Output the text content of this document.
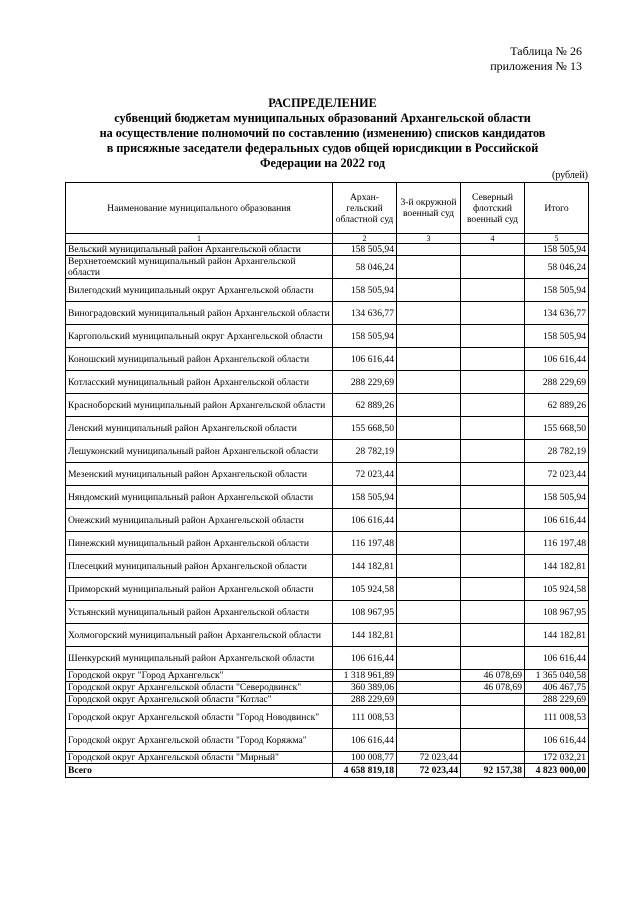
Таблица № 26
приложения № 13
РАСПРЕДЕЛЕНИЕ
субвенций бюджетам муниципальных образований Архангельской области
на осуществление полномочий по составлению (изменению) списков кандидатов
в присяжные заседатели федеральных судов общей юрисдикции в Российской
Федерации на 2022 год
(рублей)
Наименование муниципального образования	Архан-гельский областной суд	3-й окружной военный суд	Северный флотский военный суд	Итого
1	2	3	4	5
Вельский муниципальный район Архангельской области	158 505,94			158 505,94
Верхнетоемский муниципальный район Архангельской области	58 046,24			58 046,24
Вилегодский муниципальный округ Архангельской области	158 505,94			158 505,94
Виноградовский муниципальный район Архангельской области	134 636,77			134 636,77
Каргопольский муниципальный округ Архангельской области	158 505,94			158 505,94
Коношский муниципальный район Архангельской области	106 616,44			106 616,44
Котласский муниципальный район Архангельской области	288 229,69			288 229,69
Красноборский муниципальный район Архангельской области	62 889,26			62 889,26
Ленский муниципальный район Архангельской области	155 668,50			155 668,50
Лешуконский муниципальный район Архангельской области	28 782,19			28 782,19
Мезенский муниципальный район Архангельской области	72 023,44			72 023,44
Няндомский муниципальный район Архангельской области	158 505,94			158 505,94
Онежский муниципальный район Архангельской области	106 616,44			106 616,44
Пинежский муниципальный район Архангельской области	116 197,48			116 197,48
Плесецкий муниципальный район Архангельской области	144 182,81			144 182,81
Приморский муниципальный район Архангельской области	105 924,58			105 924,58
Устьянский муниципальный район Архангельской области	108 967,95			108 967,95
Холмогорский муниципальный район Архангельской области	144 182,81			144 182,81
Шенкурский муниципальный район Архангельской области	106 616,44			106 616,44
Городской округ "Город Архангельск"	1 318 961,89		46 078,69	1 365 040,58
Городской округ Архангельской области "Северодвинск"	360 389,06		46 078,69	406 467,75
Городской округ Архангельской области "Котлас"	288 229,69			288 229,69
Городской округ Архангельской области "Город Новодвинск"	111 008,53			111 008,53
Городской округ Архангельской области "Город Коряжма"	106 616,44			106 616,44
Городской округ Архангельской области "Мирный"	100 008,77	72 023,44		172 032,21
Всего	4 658 819,18	72 023,44	92 157,38	4 823 000,00
